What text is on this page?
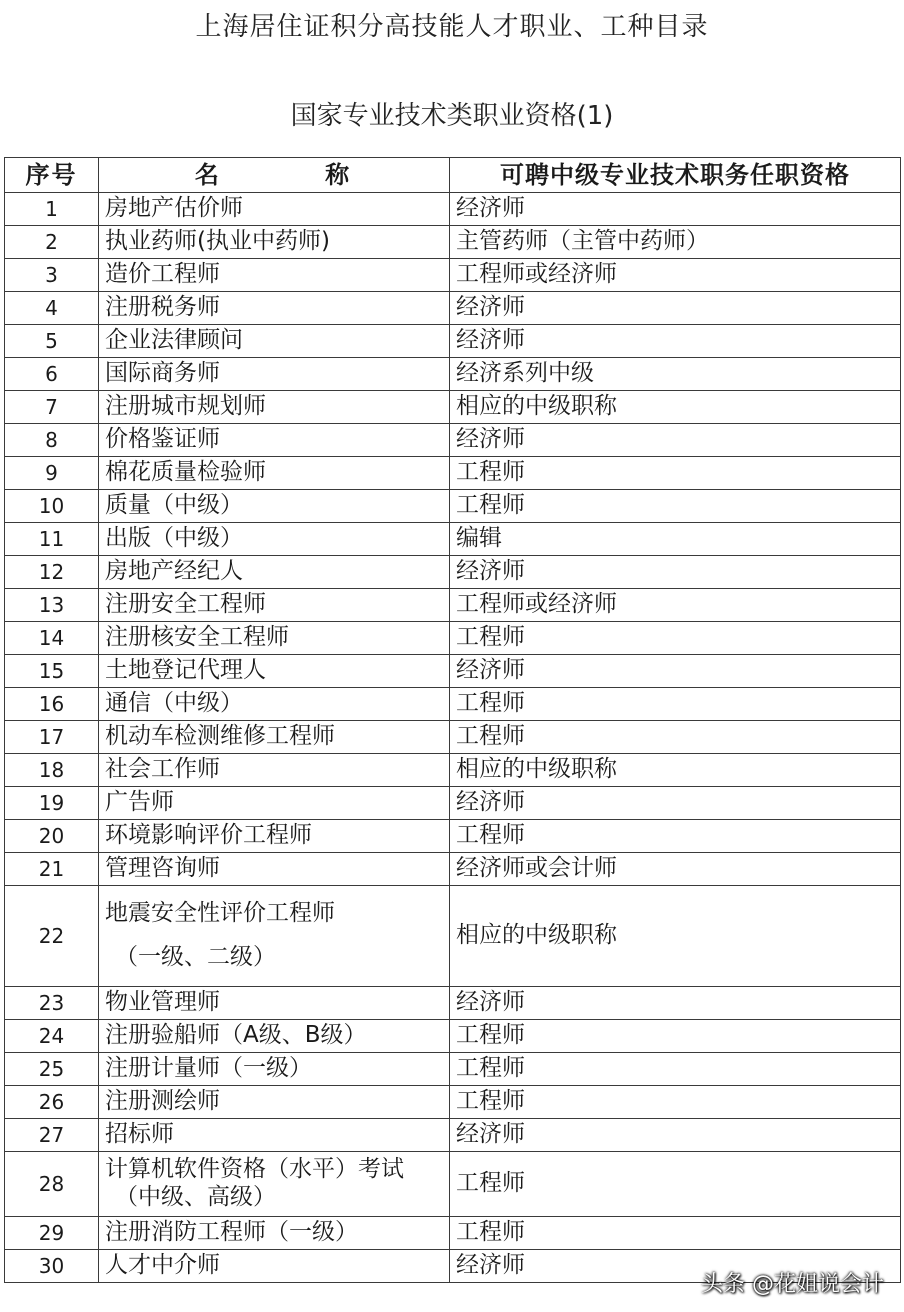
上海居住证积分高技能人才职业、工种目录
国家专业技术类职业资格(1)
序号	名 称	可聘中级专业技术职务任职资格
1	房地产估价师	经济师
2	执业药师(执业中药师)	主管药师（主管中药师）
3	造价工程师	工程师或经济师
4	注册税务师	经济师
5	企业法律顾问	经济师
6	国际商务师	经济系列中级
7	注册城市规划师	相应的中级职称
8	价格鉴证师	经济师
9	棉花质量检验师	工程师
10	质量（中级）	工程师
11	出版（中级）	编辑
12	房地产经纪人	经济师
13	注册安全工程师	工程师或经济师
14	注册核安全工程师	工程师
15	土地登记代理人	经济师
16	通信（中级）	工程师
17	机动车检测维修工程师	工程师
18	社会工作师	相应的中级职称
19	广告师	经济师
20	环境影响评价工程师	工程师
21	管理咨询师	经济师或会计师
22	地震安全性评价工程师
（一级、二级）	相应的中级职称
23	物业管理师	经济师
24	注册验船师（A级、B级）	工程师
25	注册计量师（一级）	工程师
26	注册测绘师	工程师
27	招标师	经济师
28	计算机软件资格（水平）考试
（中级、高级）	工程师
29	注册消防工程师（一级）	工程师
30	人才中介师	经济师
头条 @花姐说会计
